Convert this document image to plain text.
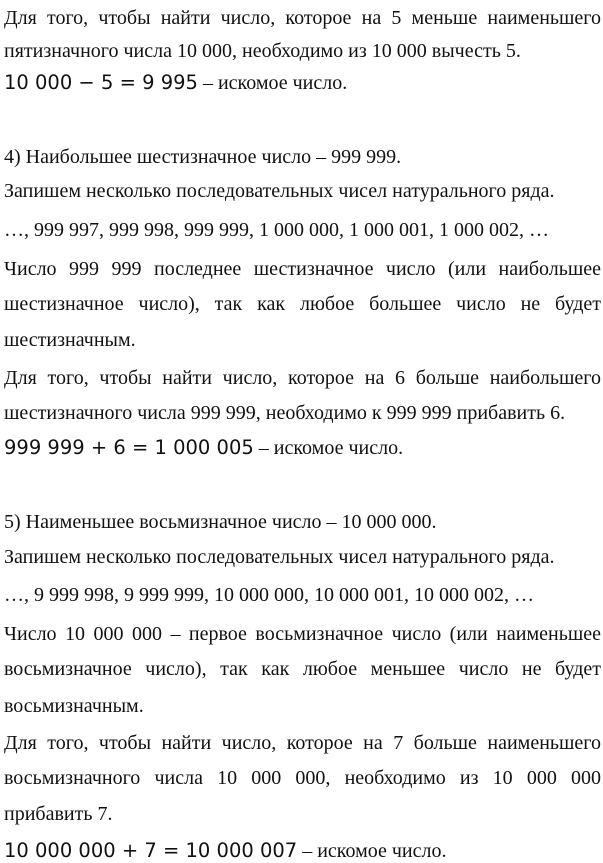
Для того, чтобы найти число, которое на 5 меньше наименьшего
пятизначного числа 10 000, необходимо из 10 000 вычесть 5.
10 000 − 5 = 9 995 – искомое число.
4) Наибольшее шестизначное число – 999 999.
Запишем несколько последовательных чисел натурального ряда.
…, 999 997, 999 998, 999 999, 1 000 000, 1 000 001, 1 000 002, …
Число 999 999 последнее шестизначное число (или наибольшее
шестизначное число), так как любое большее число не будет
шестизначным.
Для того, чтобы найти число, которое на 6 больше наибольшего
шестизначного числа 999 999, необходимо к 999 999 прибавить 6.
999 999 + 6 = 1 000 005 – искомое число.
5) Наименьшее восьмизначное число – 10 000 000.
Запишем несколько последовательных чисел натурального ряда.
…, 9 999 998, 9 999 999, 10 000 000, 10 000 001, 10 000 002, …
Число 10 000 000 – первое восьмизначное число (или наименьшее
восьмизначное число), так как любое меньшее число не будет
восьмизначным.
Для того, чтобы найти число, которое на 7 больше наименьшего
восьмизначного числа 10 000 000, необходимо из 10 000 000
прибавить 7.
10 000 000 + 7 = 10 000 007 – искомое число.
